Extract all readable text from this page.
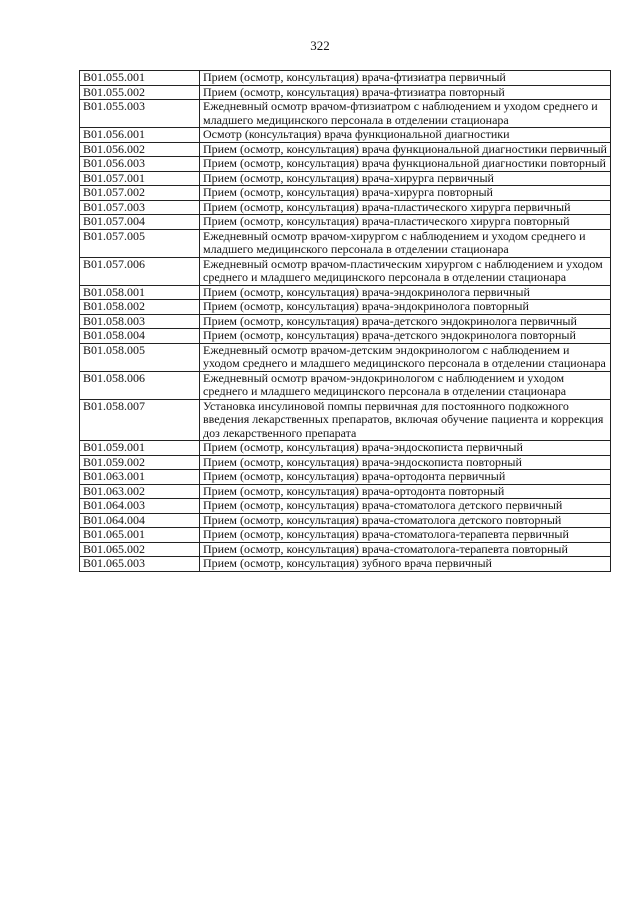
322
В01.055.001	Прием (осмотр, консультация) врача-фтизиатра первичный
В01.055.002	Прием (осмотр, консультация) врача-фтизиатра повторный
В01.055.003	Ежедневный осмотр врачом-фтизиатром с наблюдением и уходом среднего и младшего медицинского персонала в отделении стационара
В01.056.001	Осмотр (консультация) врача функциональной диагностики
В01.056.002	Прием (осмотр, консультация) врача функциональной диагностики первичный
В01.056.003	Прием (осмотр, консультация) врача функциональной диагностики повторный
В01.057.001	Прием (осмотр, консультация) врача-хирурга первичный
В01.057.002	Прием (осмотр, консультация) врача-хирурга повторный
В01.057.003	Прием (осмотр, консультация) врача-пластического хирурга первичный
В01.057.004	Прием (осмотр, консультация) врача-пластического хирурга повторный
В01.057.005	Ежедневный осмотр врачом-хирургом с наблюдением и уходом среднего и младшего медицинского персонала в отделении стационара
В01.057.006	Ежедневный осмотр врачом-пластическим хирургом с наблюдением и уходом среднего и младшего медицинского персонала в отделении стационара
В01.058.001	Прием (осмотр, консультация) врача-эндокринолога первичный
В01.058.002	Прием (осмотр, консультация) врача-эндокринолога повторный
В01.058.003	Прием (осмотр, консультация) врача-детского эндокринолога первичный
В01.058.004	Прием (осмотр, консультация) врача-детского эндокринолога повторный
В01.058.005	Ежедневный осмотр врачом-детским эндокринологом с наблюдением и уходом среднего и младшего медицинского персонала в отделении стационара
В01.058.006	Ежедневный осмотр врачом-эндокринологом с наблюдением и уходом среднего и младшего медицинского персонала в отделении стационара
В01.058.007	Установка инсулиновой помпы первичная для постоянного подкожного введения лекарственных препаратов, включая обучение пациента и коррекция доз лекарственного препарата
В01.059.001	Прием (осмотр, консультация) врача-эндоскописта первичный
В01.059.002	Прием (осмотр, консультация) врача-эндоскописта повторный
В01.063.001	Прием (осмотр, консультация) врача-ортодонта первичный
В01.063.002	Прием (осмотр, консультация) врача-ортодонта повторный
В01.064.003	Прием (осмотр, консультация) врача-стоматолога детского первичный
В01.064.004	Прием (осмотр, консультация) врача-стоматолога детского повторный
В01.065.001	Прием (осмотр, консультация) врача-стоматолога-терапевта первичный
В01.065.002	Прием (осмотр, консультация) врача-стоматолога-терапевта повторный
В01.065.003	Прием (осмотр, консультация) зубного врача первичный
